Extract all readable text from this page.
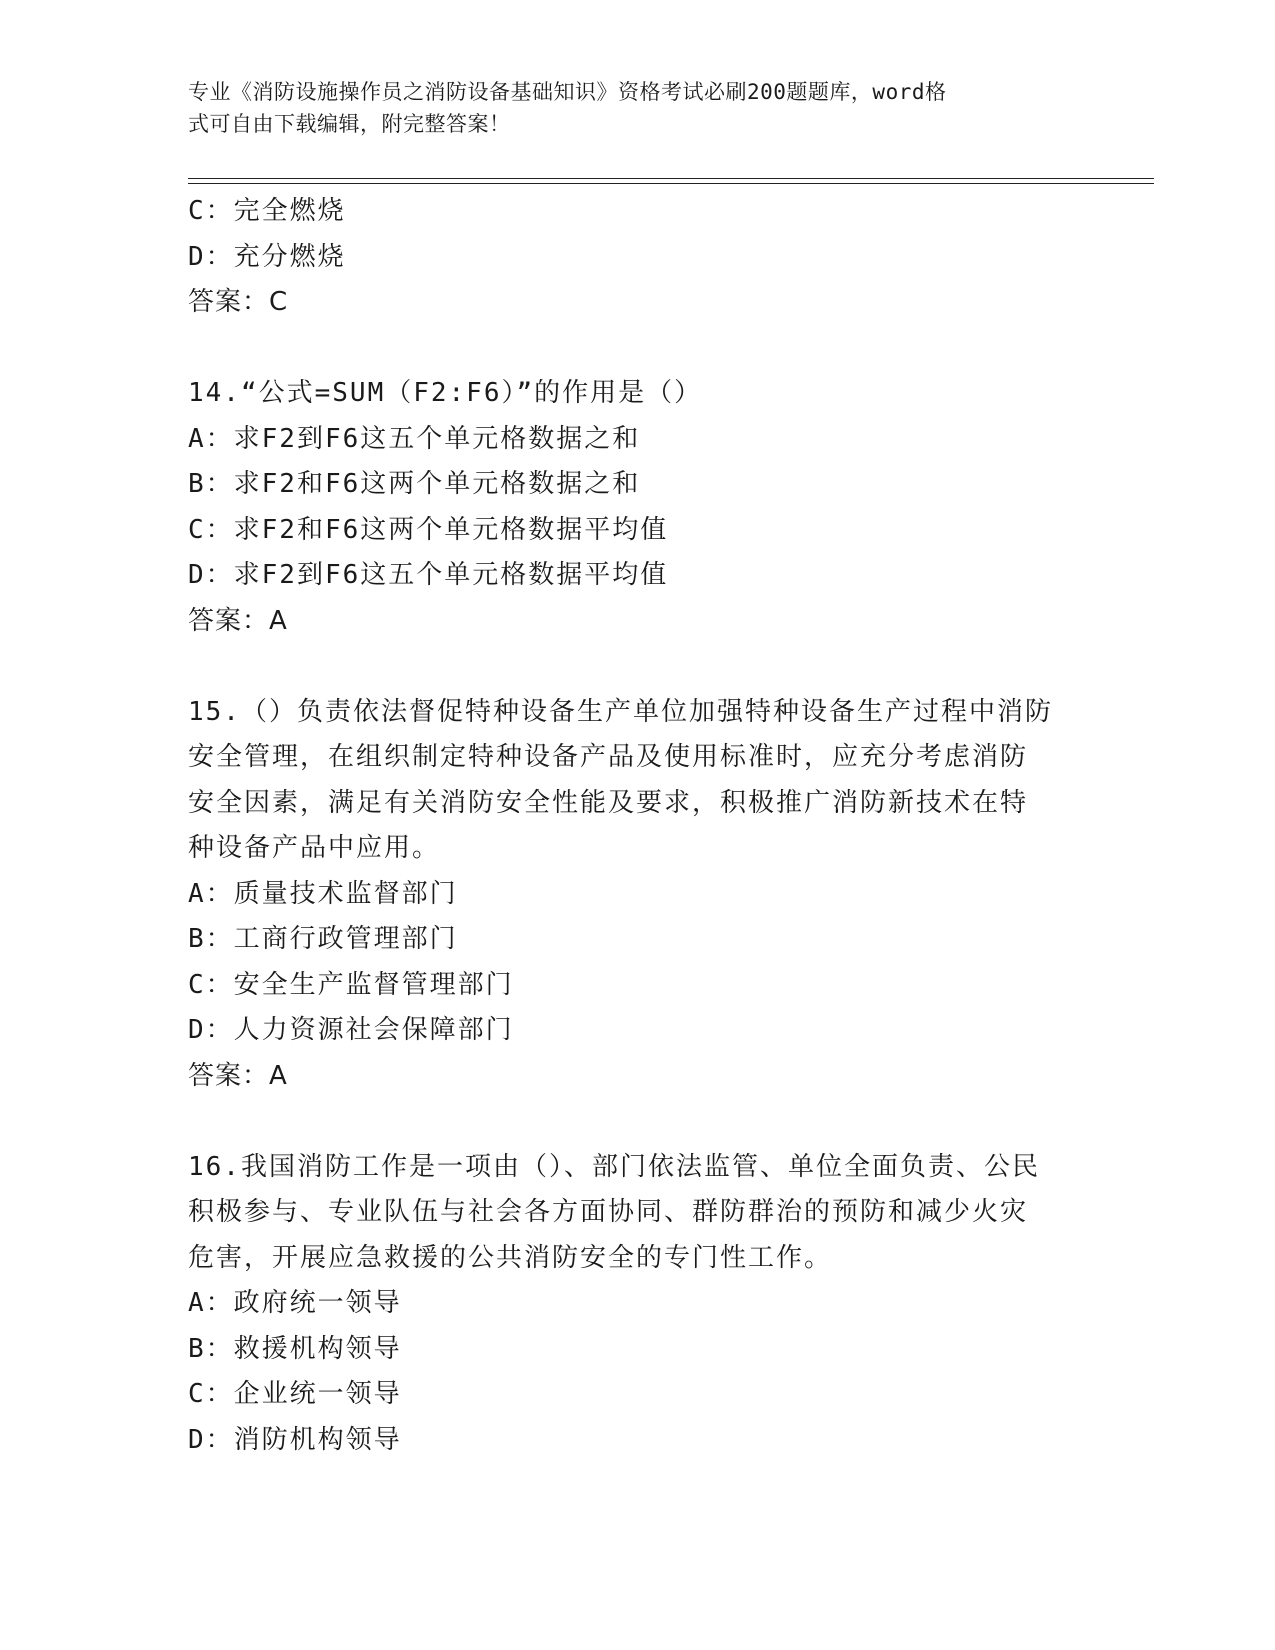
专业《消防设施操作员之消防设备基础知识》资格考试必刷200题题库，word格
式可自由下载编辑，附完整答案！
C：完全燃烧
D：充分燃烧
答案：C
14.“公式=SUM（F2:F6）”的作用是（）
A：求F2到F6这五个单元格数据之和
B：求F2和F6这两个单元格数据之和
C：求F2和F6这两个单元格数据平均值
D：求F2到F6这五个单元格数据平均值
答案：A
15.（）负责依法督促特种设备生产单位加强特种设备生产过程中消防
安全管理，在组织制定特种设备产品及使用标准时，应充分考虑消防
安全因素，满足有关消防安全性能及要求，积极推广消防新技术在特
种设备产品中应用。
A：质量技术监督部门
B：工商行政管理部门
C：安全生产监督管理部门
D：人力资源社会保障部门
答案：A
16.我国消防工作是一项由（）、部门依法监管、单位全面负责、公民
积极参与、专业队伍与社会各方面协同、群防群治的预防和减少火灾
危害，开展应急救援的公共消防安全的专门性工作。
A：政府统一领导
B：救援机构领导
C：企业统一领导
D：消防机构领导
